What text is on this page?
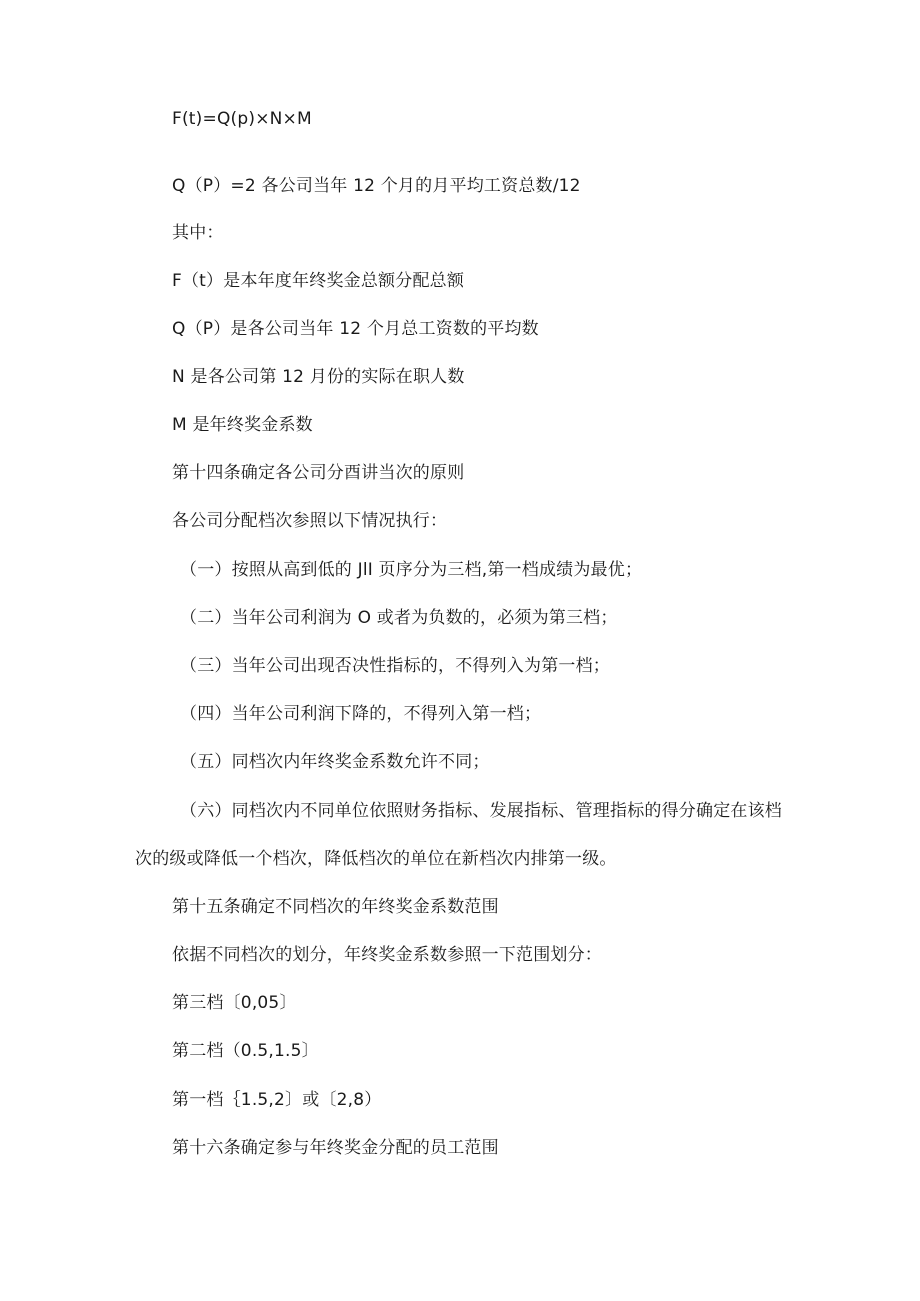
F(t)=Q(p)×N×M

Q（P）=2 各公司当年 12 个月的月平均工资总数/12

其中：

F（t）是本年度年终奖金总额分配总额

Q（P）是各公司当年 12 个月总工资数的平均数

N 是各公司第 12 月份的实际在职人数

M 是年终奖金系数

第十四条确定各公司分酉讲当次的原则

各公司分配档次参照以下情况执行：

（一）按照从高到低的 JlI 页序分为三档,第一档成绩为最优；

（二）当年公司利润为 O 或者为负数的，必须为第三档；

（三）当年公司出现否决性指标的，不得列入为第一档；

（四）当年公司利润下降的，不得列入第一档；

（五）同档次内年终奖金系数允许不同；

（六）同档次内不同单位依照财务指标、发展指标、管理指标的得分确定在该档

次的级或降低一个档次，降低档次的单位在新档次内排第一级。

第十五条确定不同档次的年终奖金系数范围

依据不同档次的划分，年终奖金系数参照一下范围划分：

第三档〔0,05〕

第二档（0.5,1.5〕

第一档｛1.5,2〕或〔2,8）

第十六条确定参与年终奖金分配的员工范围
